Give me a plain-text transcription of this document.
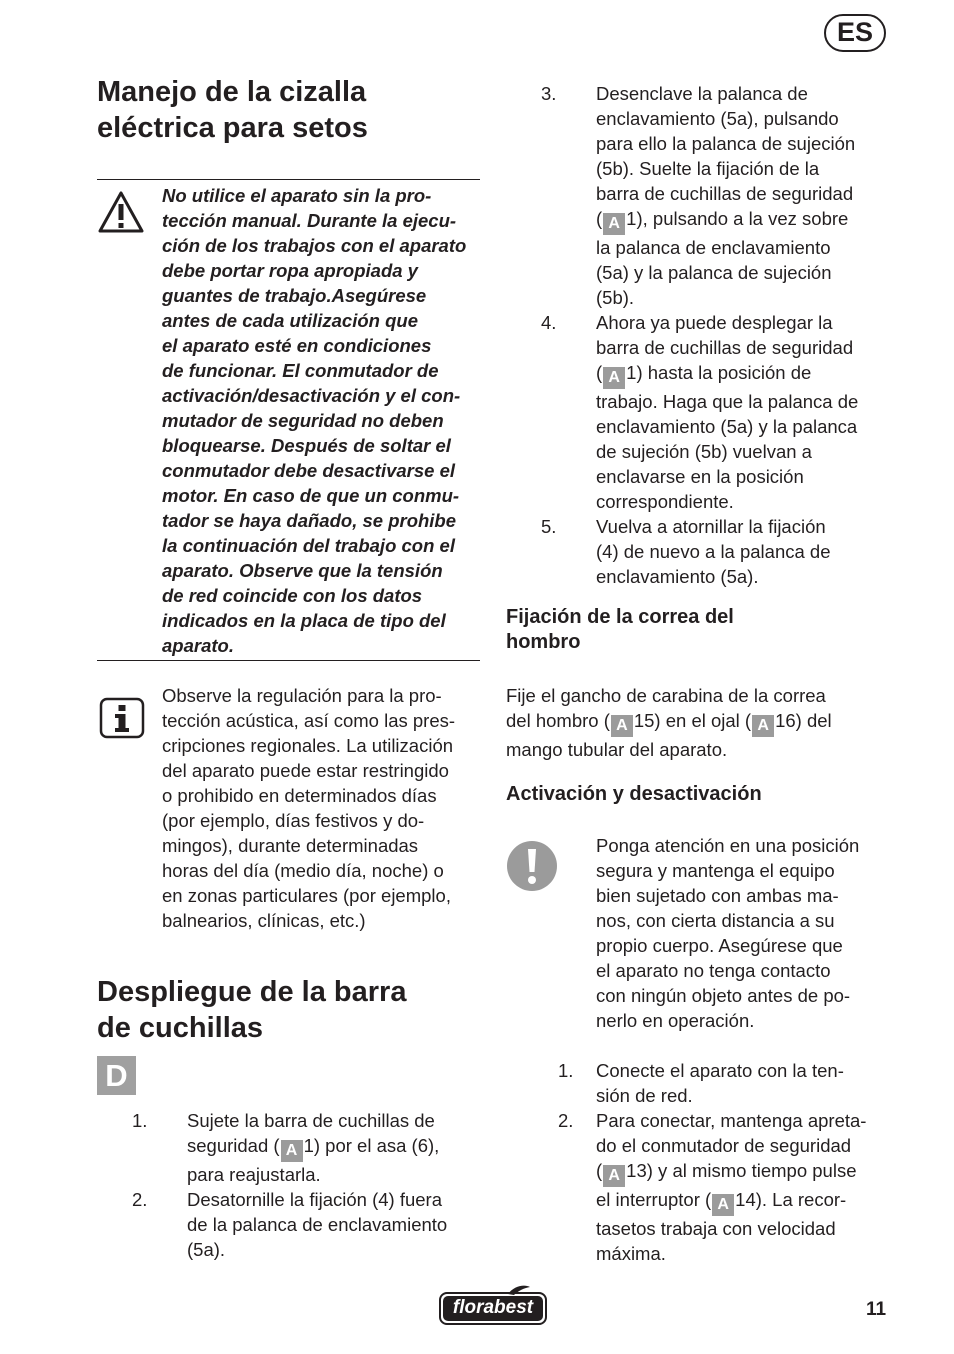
ES
Manejo de la cizalla
eléctrica para setos
No utilice el aparato sin la pro-
tección manual. Durante la ejecu-
ción de los trabajos con el aparato
debe portar ropa apropiada y
guantes de trabajo.Asegúrese
antes de cada utilización que
el aparato esté en condiciones
de funcionar. El conmutador de
activación/desactivación y el con-
mutador de seguridad no deben
bloquearse. Después de soltar el
conmutador debe desactivarse el
motor. En caso de que un conmu-
tador se haya dañado, se prohibe
la continuación del trabajo con el
aparato. Observe que la tensión
de red coincide con los datos
indicados en la placa de tipo del
aparato.
Observe la regulación para la pro-
tección acústica, así como las pres-
cripciones regionales. La utilización
del aparato puede estar restringido
o prohibido en determinados días
(por ejemplo, días festivos y do-
mingos), durante determinadas
horas del día (medio día, noche) o
en zonas particulares (por ejemplo,
balnearios, clínicas, etc.)
Despliegue de la barra
de cuchillas
D
1. Sujete la barra de cuchillas de
seguridad ( A 1) por el asa (6),
para reajustarla.
2. Desatornille la fijación (4) fuera
de la palanca de enclavamiento
(5a).
3. Desenclave la palanca de
enclavamiento (5a), pulsando
para ello la palanca de sujeción
(5b). Suelte la fijación de la
barra de cuchillas de seguridad
( A 1), pulsando a la vez sobre
la palanca de enclavamiento
(5a) y la palanca de sujeción
(5b).
4. Ahora ya puede desplegar la
barra de cuchillas de seguridad
( A 1) hasta la posición de
trabajo. Haga que la palanca de
enclavamiento (5a) y la palanca
de sujeción (5b) vuelvan a
enclavarse en la posición
correspondiente.
5. Vuelva a atornillar la fijación
(4) de nuevo a la palanca de
enclavamiento (5a).
Fijación de la correa del
hombro
Fije el gancho de carabina de la correa
del hombro ( A 15) en el ojal ( A 16) del
mango tubular del aparato.
Activación y desactivación
Ponga atención en una posición
segura y mantenga el equipo
bien sujetado con ambas ma-
nos, con cierta distancia a su
propio cuerpo. Asegúrese que
el aparato no tenga contacto
con ningún objeto antes de po-
nerlo en operación.
1. Conecte el aparato con la ten-
sión de red.
2. Para conectar, mantenga apreta-
do el conmutador de seguridad
( A 13) y al mismo tiempo pulse
el interruptor ( A 14). La recor-
tasetos trabaja con velocidad
máxima.
florabest	11
